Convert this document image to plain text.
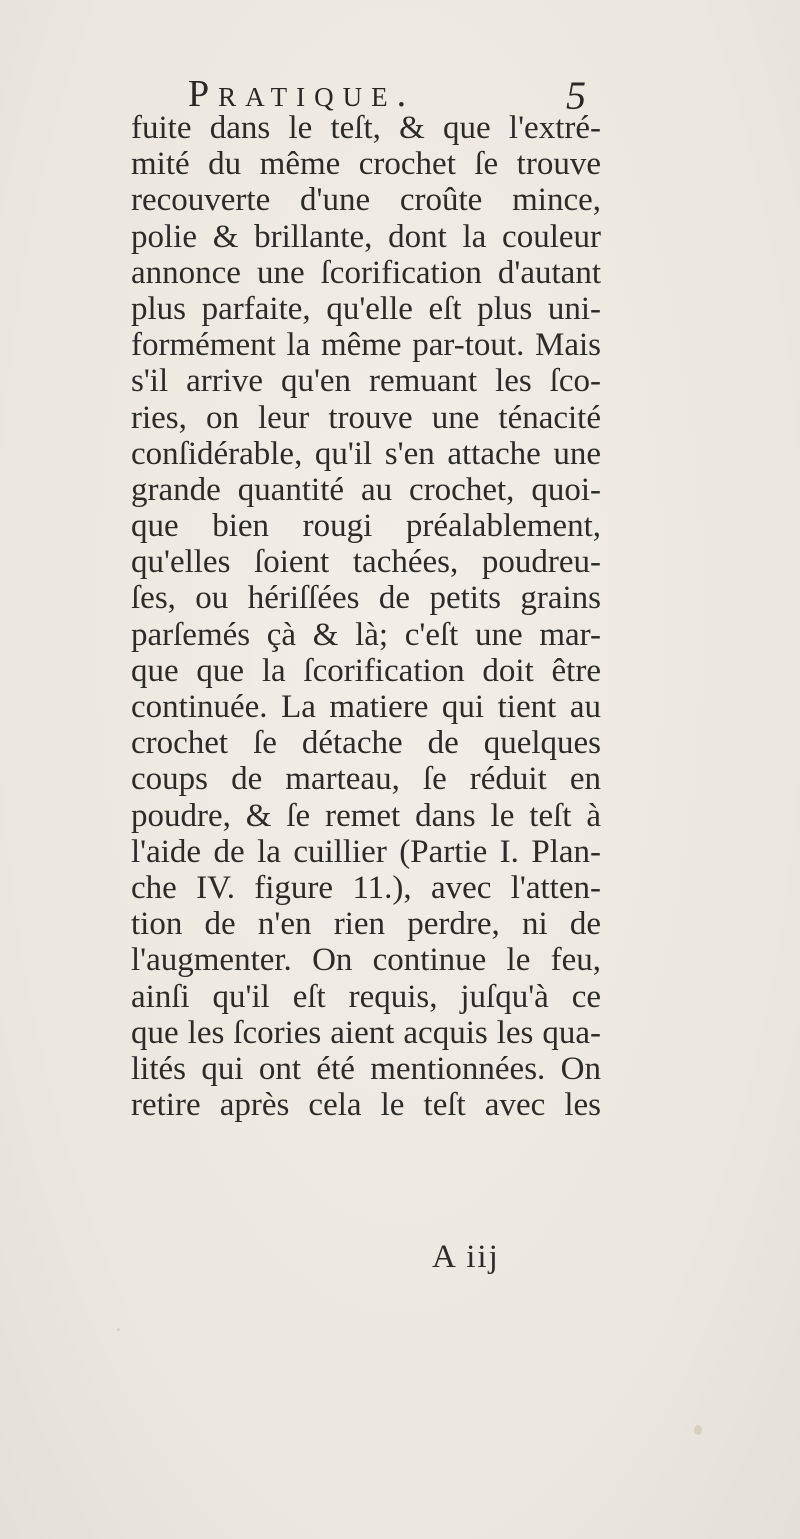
Pratique.	5
fuite dans le teſt, & que l'extré-
mité du même crochet ſe trouve
recouverte d'une croûte mince,
polie & brillante, dont la couleur
annonce une ſcorification d'autant
plus parfaite, qu'elle eſt plus uni-
formément la même par-tout. Mais
s'il arrive qu'en remuant les ſco-
ries, on leur trouve une ténacité
conſidérable, qu'il s'en attache une
grande quantité au crochet, quoi-
que bien rougi préalablement,
qu'elles ſoient tachées, poudreu-
ſes, ou hériſſées de petits grains
parſemés çà & là; c'eſt une mar-
que que la ſcorification doit être
continuée. La matiere qui tient au
crochet ſe détache de quelques
coups de marteau, ſe réduit en
poudre, & ſe remet dans le teſt à
l'aide de la cuillier (Partie I. Plan-
che IV. figure 11.), avec l'atten-
tion de n'en rien perdre, ni de
l'augmenter. On continue le feu,
ainſi qu'il eſt requis, juſqu'à ce
que les ſcories aient acquis les qua-
lités qui ont été mentionnées. On
retire après cela le teſt avec les
A iij
